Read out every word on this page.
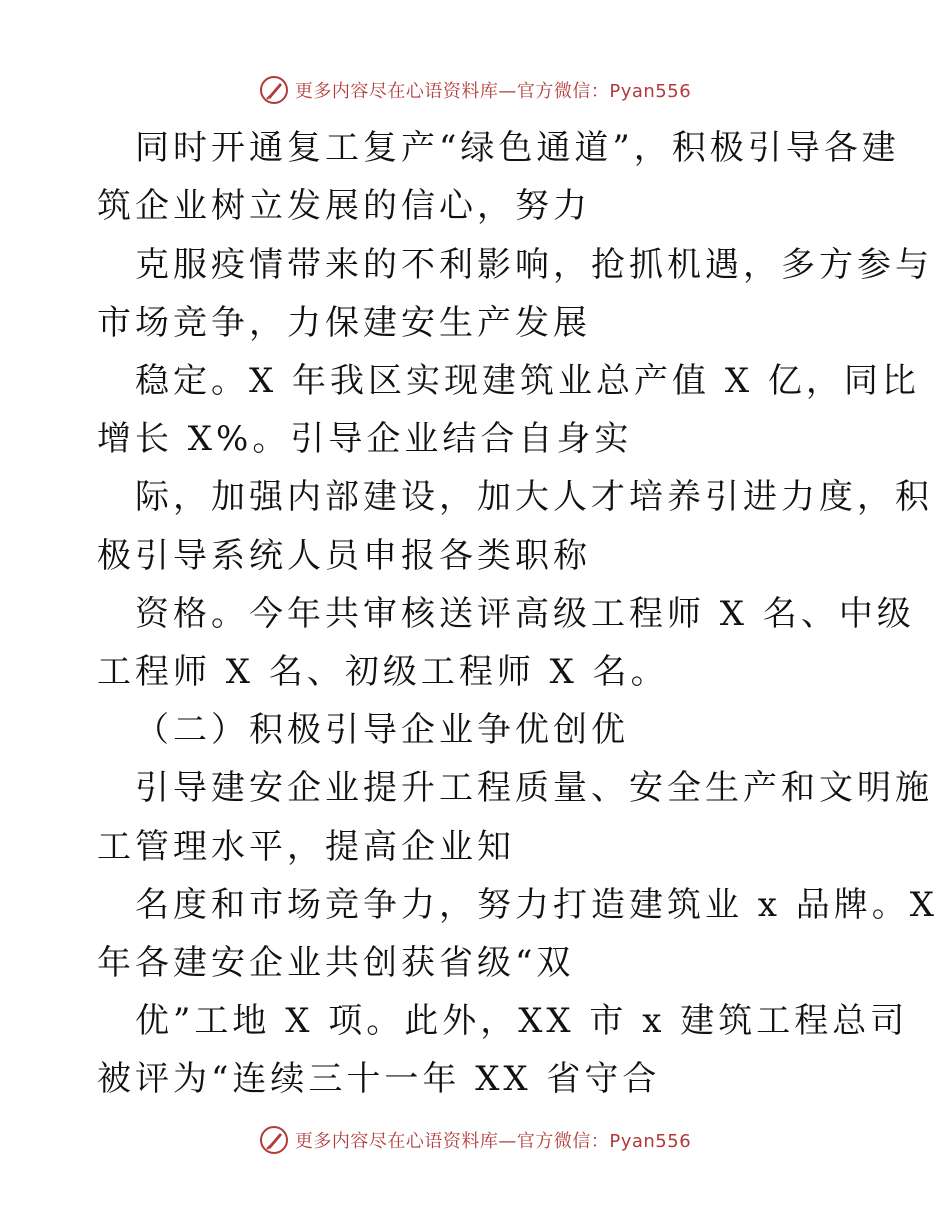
更多内容尽在心语资料库—官方微信：Pyan556
同时开通复工复产“绿色通道”，积极引导各建
筑企业树立发展的信心，努力
克服疫情带来的不利影响，抢抓机遇，多方参与
市场竞争，力保建安生产发展
稳定。X 年我区实现建筑业总产值 X 亿，同比
增长 X%。引导企业结合自身实
际，加强内部建设，加大人才培养引进力度，积
极引导系统人员申报各类职称
资格。今年共审核送评高级工程师 X 名、中级
工程师 X 名、初级工程师 X 名。
（二）积极引导企业争优创优
引导建安企业提升工程质量、安全生产和文明施
工管理水平，提高企业知
名度和市场竞争力，努力打造建筑业 x 品牌。X
年各建安企业共创获省级“双
优”工地 X 项。此外，XX 市 x 建筑工程总司
被评为“连续三十一年 XX 省守合
更多内容尽在心语资料库—官方微信：Pyan556
